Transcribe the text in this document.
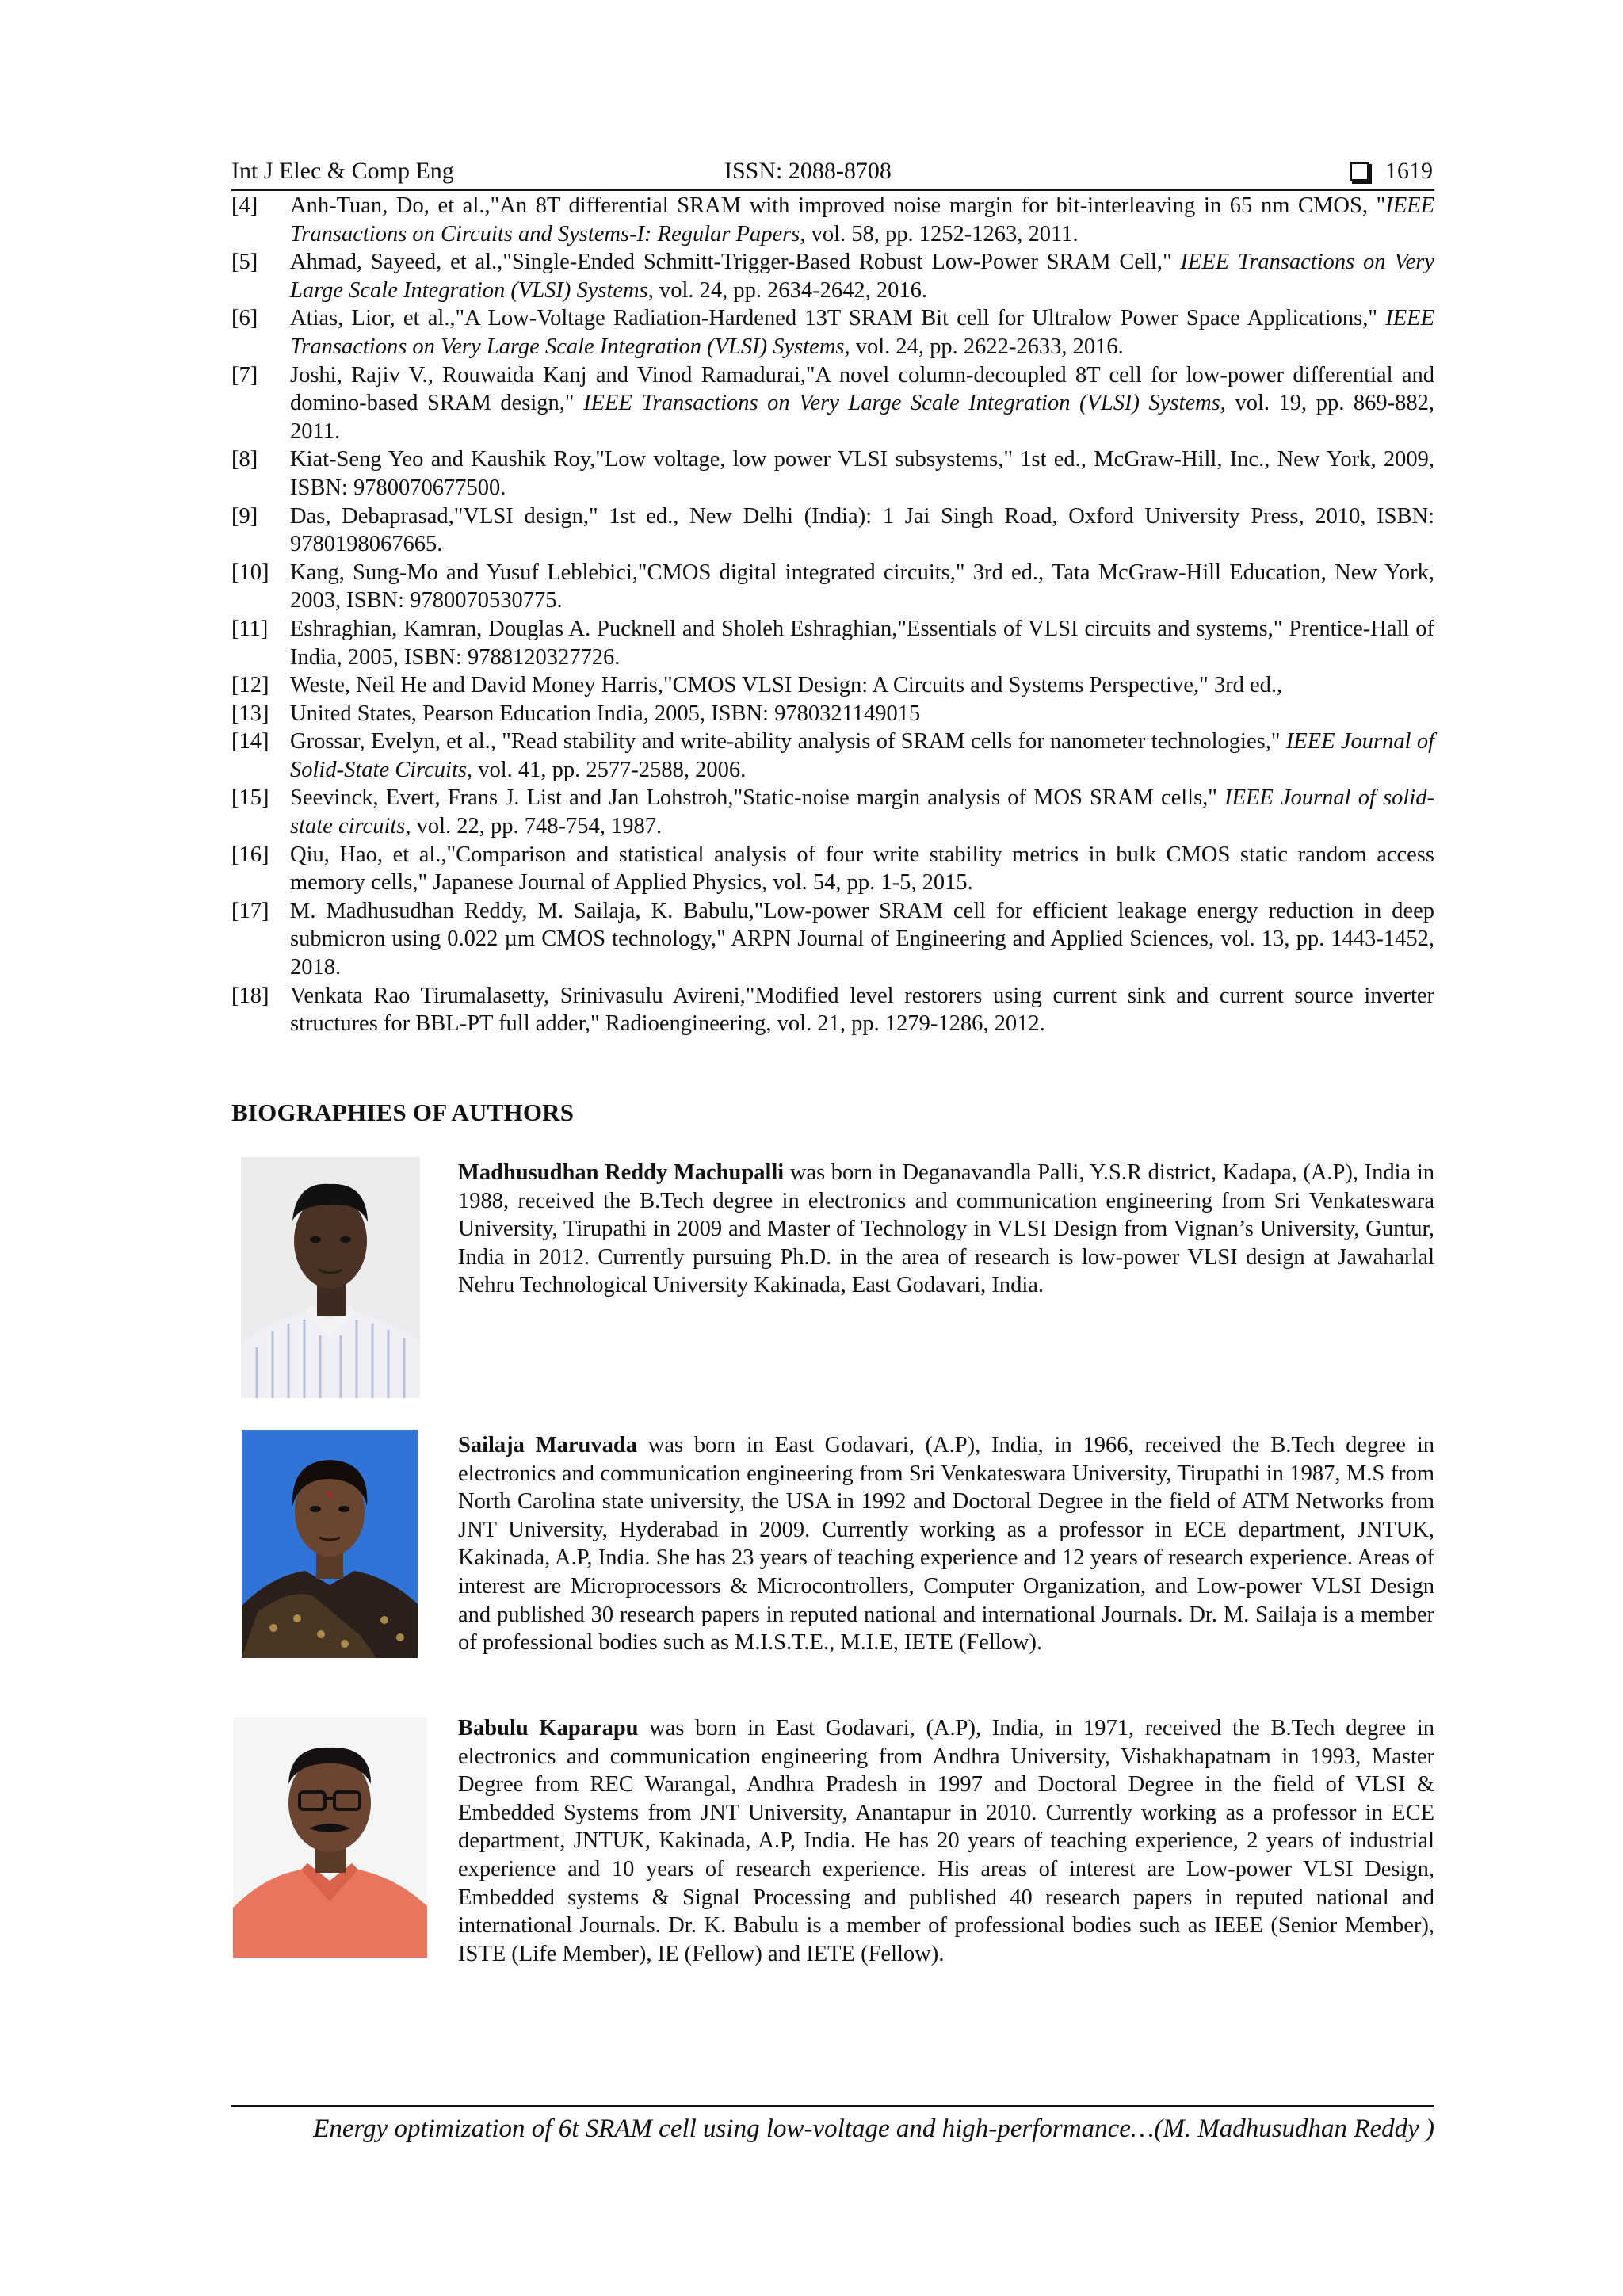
Int J Elec & Comp Eng	ISSN: 2088-8708	1619
[4] Anh-Tuan, Do, et al.,"An 8T differential SRAM with improved noise margin for bit-interleaving in 65 nm CMOS, "IEEE Transactions on Circuits and Systems-I: Regular Papers, vol. 58, pp. 1252-1263, 2011.
[5] Ahmad, Sayeed, et al.,"Single-Ended Schmitt-Trigger-Based Robust Low-Power SRAM Cell," IEEE Transactions on Very Large Scale Integration (VLSI) Systems, vol. 24, pp. 2634-2642, 2016.
[6] Atias, Lior, et al.,"A Low-Voltage Radiation-Hardened 13T SRAM Bit cell for Ultralow Power Space Applications," IEEE Transactions on Very Large Scale Integration (VLSI) Systems, vol. 24, pp. 2622-2633, 2016.
[7] Joshi, Rajiv V., Rouwaida Kanj and Vinod Ramadurai,"A novel column-decoupled 8T cell for low-power differential and domino-based SRAM design," IEEE Transactions on Very Large Scale Integration (VLSI) Systems, vol. 19, pp. 869-882, 2011.
[8] Kiat-Seng Yeo and Kaushik Roy,"Low voltage, low power VLSI subsystems," 1st ed., McGraw-Hill, Inc., New York, 2009, ISBN: 9780070677500.
[9] Das, Debaprasad,"VLSI design," 1st ed., New Delhi (India): 1 Jai Singh Road, Oxford University Press, 2010, ISBN: 9780198067665.
[10] Kang, Sung-Mo and Yusuf Leblebici,"CMOS digital integrated circuits," 3rd ed., Tata McGraw-Hill Education, New York, 2003, ISBN: 9780070530775.
[11] Eshraghian, Kamran, Douglas A. Pucknell and Sholeh Eshraghian,"Essentials of VLSI circuits and systems," Prentice-Hall of India, 2005, ISBN: 9788120327726.
[12] Weste, Neil He and David Money Harris,"CMOS VLSI Design: A Circuits and Systems Perspective," 3rd ed.,
[13] United States, Pearson Education India, 2005, ISBN: 9780321149015
[14] Grossar, Evelyn, et al., "Read stability and write-ability analysis of SRAM cells for nanometer technologies," IEEE Journal of Solid-State Circuits, vol. 41, pp. 2577-2588, 2006.
[15] Seevinck, Evert, Frans J. List and Jan Lohstroh,"Static-noise margin analysis of MOS SRAM cells," IEEE Journal of solid-state circuits, vol. 22, pp. 748-754, 1987.
[16] Qiu, Hao, et al.,"Comparison and statistical analysis of four write stability metrics in bulk CMOS static random access memory cells," Japanese Journal of Applied Physics, vol. 54, pp. 1-5, 2015.
[17] M. Madhusudhan Reddy, M. Sailaja, K. Babulu,"Low-power SRAM cell for efficient leakage energy reduction in deep submicron using 0.022 µm CMOS technology," ARPN Journal of Engineering and Applied Sciences, vol. 13, pp. 1443-1452, 2018.
[18] Venkata Rao Tirumalasetty, Srinivasulu Avireni,"Modified level restorers using current sink and current source inverter structures for BBL-PT full adder," Radioengineering, vol. 21, pp. 1279-1286, 2012.
BIOGRAPHIES OF AUTHORS
Madhusudhan Reddy Machupalli was born in Deganavandla Palli, Y.S.R district, Kadapa, (A.P), India in 1988, received the B.Tech degree in electronics and communication engineering from Sri Venkateswara University, Tirupathi in 2009 and Master of Technology in VLSI Design from Vignan’s University, Guntur, India in 2012. Currently pursuing Ph.D. in the area of research is low-power VLSI design at Jawaharlal Nehru Technological University Kakinada, East Godavari, India.
Sailaja Maruvada was born in East Godavari, (A.P), India, in 1966, received the B.Tech degree in electronics and communication engineering from Sri Venkateswara University, Tirupathi in 1987, M.S from North Carolina state university, the USA in 1992 and Doctoral Degree in the field of ATM Networks from JNT University, Hyderabad in 2009. Currently working as a professor in ECE department, JNTUK, Kakinada, A.P, India. She has 23 years of teaching experience and 12 years of research experience. Areas of interest are Microprocessors & Microcontrollers, Computer Organization, and Low-power VLSI Design and published 30 research papers in reputed national and international Journals. Dr. M. Sailaja is a member of professional bodies such as M.I.S.T.E., M.I.E, IETE (Fellow).
Babulu Kaparapu was born in East Godavari, (A.P), India, in 1971, received the B.Tech degree in electronics and communication engineering from Andhra University, Vishakhapatnam in 1993, Master Degree from REC Warangal, Andhra Pradesh in 1997 and Doctoral Degree in the field of VLSI & Embedded Systems from JNT University, Anantapur in 2010. Currently working as a professor in ECE department, JNTUK, Kakinada, A.P, India. He has 20 years of teaching experience, 2 years of industrial experience and 10 years of research experience. His areas of interest are Low-power VLSI Design, Embedded systems & Signal Processing and published 40 research papers in reputed national and international Journals. Dr. K. Babulu is a member of professional bodies such as IEEE (Senior Member), ISTE (Life Member), IE (Fellow) and IETE (Fellow).
Energy optimization of 6t SRAM cell using low-voltage and high-performance…(M. Madhusudhan Reddy )
